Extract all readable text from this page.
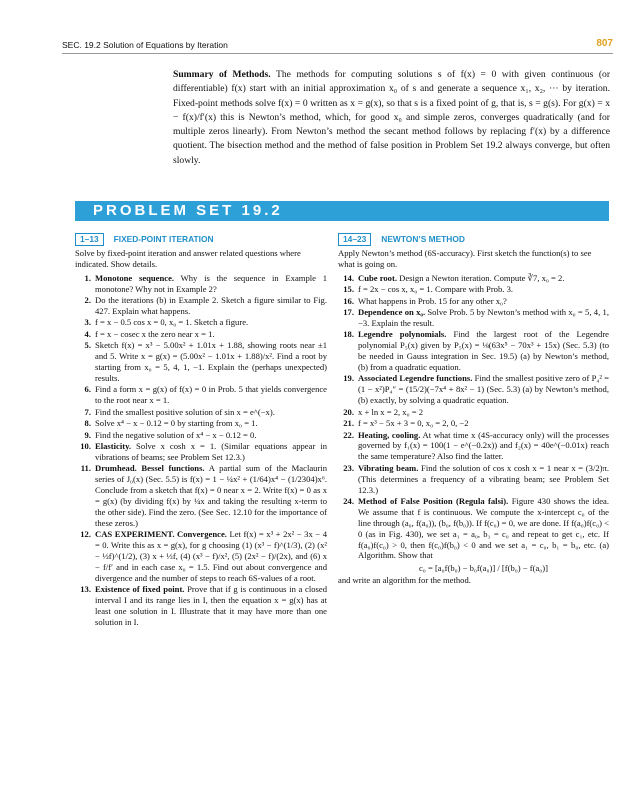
SEC. 19.2 Solution of Equations by Iteration	807
Summary of Methods. The methods for computing solutions s of f(x) = 0 with given continuous (or differentiable) f(x) start with an initial approximation x₀ of s and generate a sequence x₁, x₂, ··· by iteration. Fixed-point methods solve f(x) = 0 written as x = g(x), so that s is a fixed point of g, that is, s = g(s). For g(x) = x − f(x)/f′(x) this is Newton’s method, which, for good x₀ and simple zeros, converges quadratically (and for multiple zeros linearly). From Newton’s method the secant method follows by replacing f′(x) by a difference quotient. The bisection method and the method of false position in Problem Set 19.2 always converge, but often slowly.
PROBLEM SET 19.2
1–13	FIXED-POINT ITERATION
Solve by fixed-point iteration and answer related questions where indicated. Show details.
1. Monotone sequence. Why is the sequence in Example 1 monotone? Why not in Example 2?
2. Do the iterations (b) in Example 2. Sketch a figure similar to Fig. 427. Explain what happens.
3. f = x − 0.5 cos x = 0, x₀ = 1. Sketch a figure.
4. f = x − cosec x the zero near x = 1.
5. Sketch f(x) = x³ − 5.00x² + 1.01x + 1.88, showing roots near ±1 and 5. Write x = g(x) = (5.00x² − 1.01x + 1.88)/x². Find a root by starting from x₀ = 5, 4, 1, −1. Explain the (perhaps unexpected) results.
6. Find a form x = g(x) of f(x) = 0 in Prob. 5 that yields convergence to the root near x = 1.
7. Find the smallest positive solution of sin x = e^(−x).
8. Solve x⁴ − x − 0.12 = 0 by starting from x₀ = 1.
9. Find the negative solution of x⁴ − x − 0.12 = 0.
10. Elasticity. Solve x cosh x = 1. (Similar equations appear in vibrations of beams; see Problem Set 12.3.)
11. Drumhead. Bessel functions. A partial sum of the Maclaurin series of J₀(x) (Sec. 5.5) is f(x) = 1 − ¼x² + (1/64)x⁴ − (1/2304)x⁶. Conclude from a sketch that f(x) = 0 near x = 2. Write f(x) = 0 as x = g(x) (by dividing f(x) by ¼x and taking the resulting x-term to the other side). Find the zero. (See Sec. 12.10 for the importance of these zeros.)
12. CAS EXPERIMENT. Convergence. Let f(x) = x³ + 2x² − 3x − 4 = 0. Write this as x = g(x), for g choosing (1) (x³ − f)^(1/3), (2) (x² − ½f)^(1/2), (3) x + ⅓f, (4) (x³ − f)/x², (5) (2x² − f)/(2x), and (6) x − f/f′ and in each case x₀ = 1.5. Find out about convergence and divergence and the number of steps to reach 6S-values of a root.
13. Existence of fixed point. Prove that if g is continuous in a closed interval I and its range lies in I, then the equation x = g(x) has at least one solution in I. Illustrate that it may have more than one solution in I.
14–23	NEWTON’S METHOD
Apply Newton’s method (6S-accuracy). First sketch the function(s) to see what is going on.
14. Cube root. Design a Newton iteration. Compute ∛7, x₀ = 2.
15. f = 2x − cos x, x₀ = 1. Compare with Prob. 3.
16. What happens in Prob. 15 for any other x₀?
17. Dependence on x₀. Solve Prob. 5 by Newton’s method with x₀ = 5, 4, 1, −3. Explain the result.
18. Legendre polynomials. Find the largest root of the Legendre polynomial P₅(x) given by P₅(x) = ⅛(63x⁵ − 70x³ + 15x) (Sec. 5.3) (to be needed in Gauss integration in Sec. 19.5) (a) by Newton’s method, (b) from a quadratic equation.
19. Associated Legendre functions. Find the smallest positive zero of P₄² = (1 − x²)P₄″ = (15/2)(−7x⁴ + 8x² − 1) (Sec. 5.3) (a) by Newton’s method, (b) exactly, by solving a quadratic equation.
20. x + ln x = 2, x₀ = 2
21. f = x³ − 5x + 3 = 0, x₀ = 2, 0, −2
22. Heating, cooling. At what time x (4S-accuracy only) will the processes governed by f₁(x) = 100(1 − e^(−0.2x)) and f₂(x) = 40e^(−0.01x) reach the same temperature? Also find the latter.
23. Vibrating beam. Find the solution of cos x cosh x = 1 near x = (3/2)π. (This determines a frequency of a vibrating beam; see Problem Set 12.3.)
24. Method of False Position (Regula falsi). Figure 430 shows the idea. We assume that f is continuous. We compute the x-intercept c₀ of the line through (a₀, f(a₀)), (b₀, f(b₀)). If f(c₀) = 0, we are done. If f(a₀)f(c₀) < 0 (as in Fig. 430), we set a₁ = a₀, b₁ = c₀ and repeat to get c₁, etc. If f(a₀)f(c₀) > 0, then f(c₀)f(b₀) < 0 and we set a₁ = c₀, b₁ = b₀, etc. (a) Algorithm. Show that
c₀ = [a₀f(b₀) − b₀f(a₀)] / [f(b₀) − f(a₀)]
and write an algorithm for the method.
